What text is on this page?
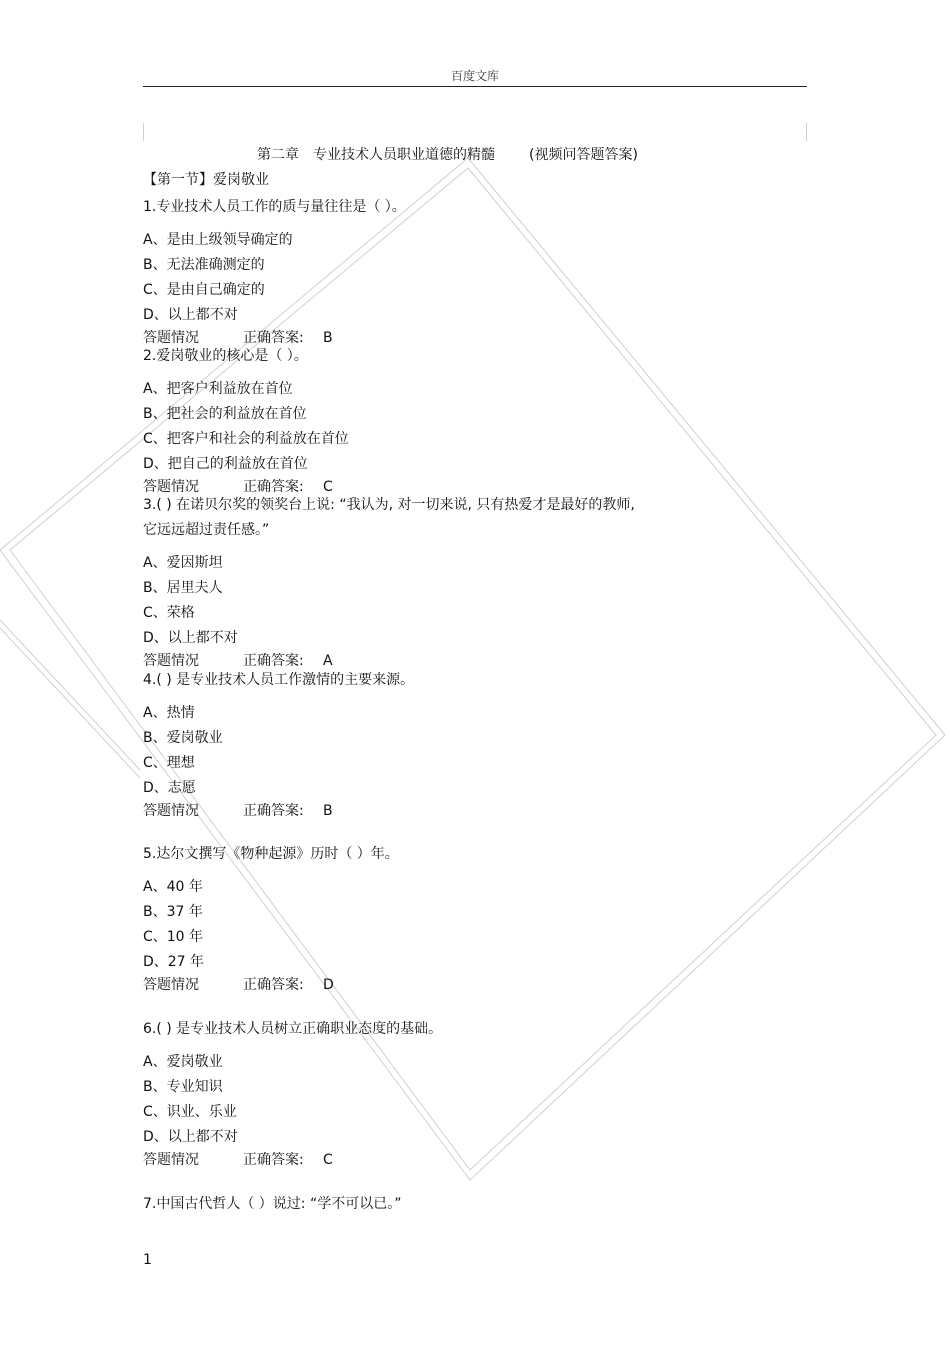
百度文库
第二章　专业技术人员职业道德的精髓 (视频问答题答案)
【第一节】爱岗敬业
1.专业技术人员工作的质与量往往是（ ）。
A、是由上级领导确定的
B、无法准确测定的
C、是由自己确定的
D、以上都不对
答题情况	正确答案: B
2.爱岗敬业的核心是（ ）。
A、把客户利益放在首位
B、把社会的利益放在首位
C、把客户和社会的利益放在首位
D、把自己的利益放在首位
答题情况	正确答案: C
3.( ) 在诺贝尔奖的领奖台上说: “我认为, 对一切来说, 只有热爱才是最好的教师,
它远远超过责任感。”
A、爱因斯坦
B、居里夫人
C、荣格
D、以上都不对
答题情况	正确答案: A
4.( ) 是专业技术人员工作激情的主要来源。
A、热情
B、爱岗敬业
C、理想
D、志愿
答题情况	正确答案: B
5.达尔文撰写《物种起源》历时（ ）年。
A、40 年
B、37 年
C、10 年
D、27 年
答题情况	正确答案: D
6.( ) 是专业技术人员树立正确职业态度的基础。
A、爱岗敬业
B、专业知识
C、识业、乐业
D、以上都不对
答题情况	正确答案: C
7.中国古代哲人（ ）说过: “学不可以已。”
1
